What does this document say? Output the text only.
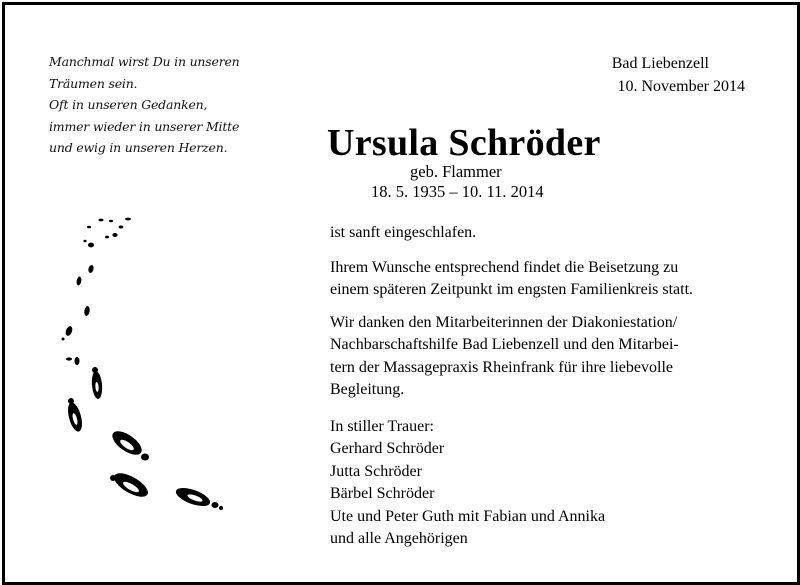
Manchmal wirst Du in unseren
Träumen sein.
Oft in unseren Gedanken,
immer wieder in unserer Mitte
und ewig in unseren Herzen.
Bad Liebenzell
10. November 2014
Ursula Schröder
geb. Flammer
18. 5. 1935 – 10. 11. 2014

ist sanft eingeschlafen.

Ihrem Wunsche entsprechend findet die Beisetzung zu
einem späteren Zeitpunkt im engsten Familienkreis statt.

Wir danken den Mitarbeiterinnen der Diakoniestation/
Nachbarschaftshilfe Bad Liebenzell und den Mitarbei-
tern der Massagepraxis Rheinfrank für ihre liebevolle
Begleitung.

In stiller Trauer:
Gerhard Schröder
Jutta Schröder
Bärbel Schröder
Ute und Peter Guth mit Fabian und Annika
und alle Angehörigen
